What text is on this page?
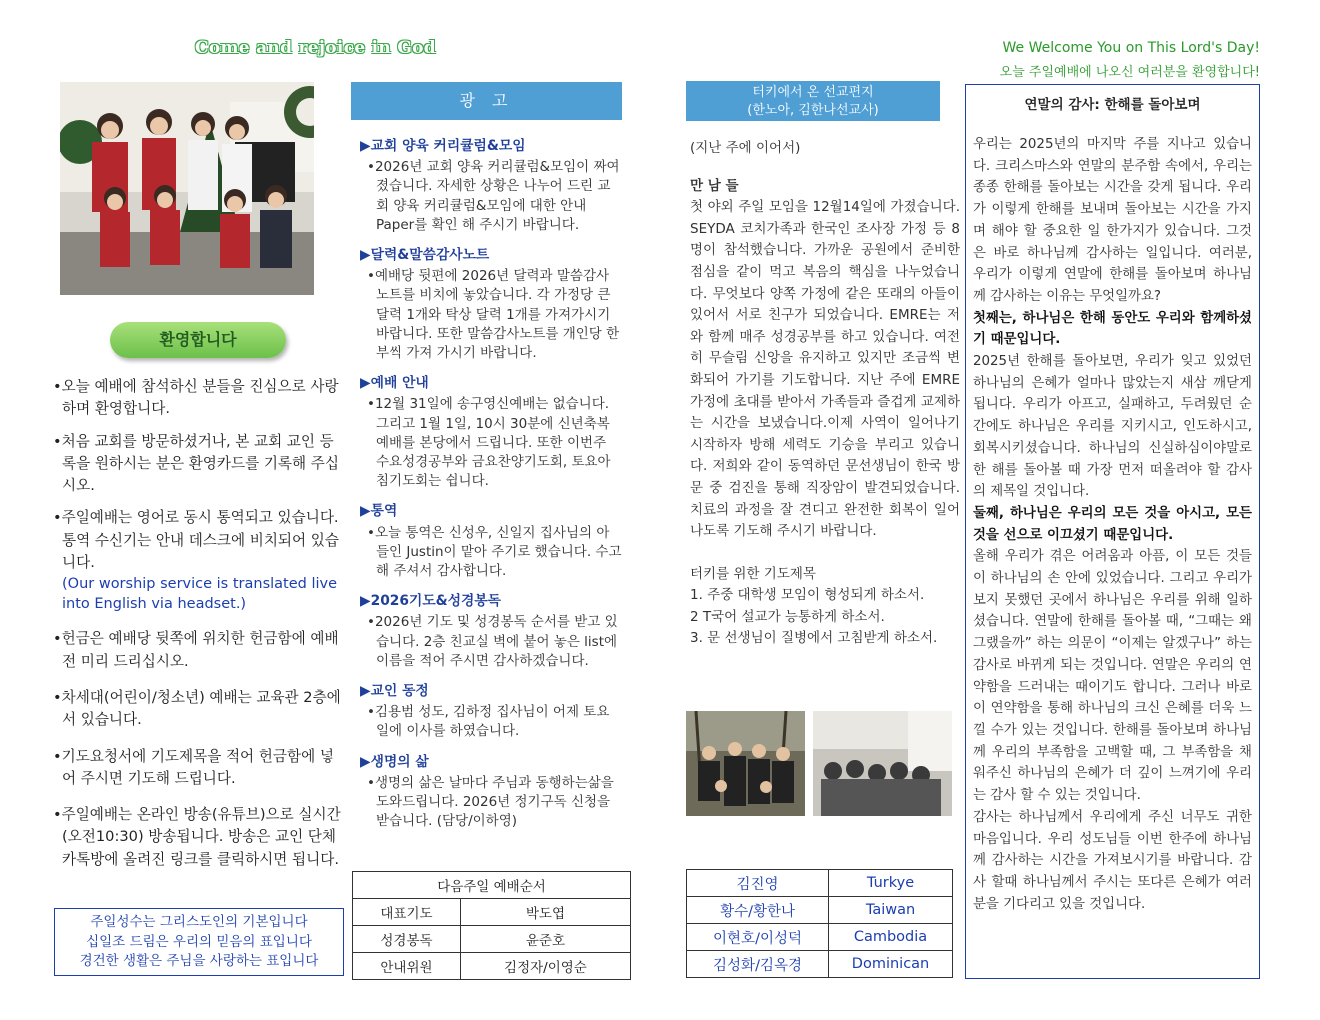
Come and rejoice in God	We Welcome You on This Lord's Day!
오늘 주일예배에 나오신 여러분을 환영합니다!
환영합니다
•오늘 예배에 참석하신 분들을 진심으로 사랑하며 환영합니다.
•처음 교회를 방문하셨거나, 본 교회 교인 등록을 원하시는 분은 환영카드를 기록해 주십시오.
•주일예배는 영어로 동시 통역되고 있습니다. 통역 수신기는 안내 데스크에 비치되어 있습니다.
(Our worship service is translated live into English via headset.)
•헌금은 예배당 뒷쪽에 위치한 헌금함에 예배전 미리 드리십시오.
•차세대(어린이/청소년) 예배는 교육관 2층에서 있습니다.
•기도요청서에 기도제목을 적어 헌금함에 넣어 주시면 기도해 드립니다.
•주일예배는 온라인 방송(유튜브)으로 실시간 (오전10:30) 방송됩니다. 방송은 교인 단체 카톡방에 올려진 링크를 클릭하시면 됩니다.
주일성수는 그리스도인의 기본입니다
십일조 드림은 우리의 믿음의 표입니다
경건한 생활은 주님을 사랑하는 표입니다
광 고
▶교회 양육 커리큘럼&모임
•2026년 교회 양육 커리큘럼&모임이 짜여졌습니다. 자세한 상황은 나누어 드린 교회 양육 커리큘럼&모임에 대한 안내 Paper를 확인 해 주시기 바랍니다.
▶달력&말씀감사노트
•예배당 뒷편에 2026년 달력과 말씀감사노트를 비치에 놓았습니다. 각 가정당 큰달력 1개와 탁상 달력 1개를 가져가시기 바랍니다. 또한 말씀감사노트를 개인당 한부씩 가져 가시기 바랍니다.
▶예배 안내
•12월 31일에 송구영신예배는 없습니다. 그리고 1월 1일, 10시 30분에 신년축복예배를 본당에서 드립니다. 또한 이번주 수요성경공부와 금요찬양기도회, 토요아침기도회는 쉽니다.
▶통역
•오늘 통역은 신성우, 신일지 집사님의 아들인 Justin이 맡아 주기로 했습니다. 수고해 주셔서 감사합니다.
▶2026기도&성경봉독
•2026년 기도 및 성경봉독 순서를 받고 있습니다. 2층 친교실 벽에 붙어 놓은 list에 이름을 적어 주시면 감사하겠습니다.
▶교인 동정
•김용범 성도, 김하정 집사님이 어제 토요일에 이사를 하였습니다.
▶생명의 삶
•생명의 삶은 날마다 주님과 동행하는삶을 도와드립니다. 2026년 정기구독 신청을 받습니다. (담당/이하영)
다음주일 예배순서	
대표기도	박도엽
성경봉독	윤준호
안내위원	김정자/이영순
터키에서 온 선교편지
(한노아, 김한나선교사)

(지난 주에 이어서)

만 남 들

첫 야외 주일 모임을 12월14일에 가졌습니다. SEYDA 코치가족과 한국인 조사장 가정 등 8명이 참석했습니다. 가까운 공원에서 준비한 점심을 같이 먹고 복음의 핵심을 나누었습니다. 무엇보다 양쪽 가정에 같은 또래의 아들이 있어서 서로 친구가 되었습니다. EMRE는 저와 함께 매주 성경공부를 하고 있습니다. 여전히 무슬림 신앙을 유지하고 있지만 조금씩 변화되어 가기를 기도합니다. 지난 주에 EMRE 가정에 초대를 받아서 가족들과 즐겁게 교제하는 시간을 보냈습니다.이제 사역이 일어나기 시작하자 방해 세력도 기승을 부리고 있습니다. 저희와 같이 동역하던 문선생님이 한국 방문 중 검진을 통해 직장암이 발견되었습니다. 치료의 과정을 잘 견디고 완전한 회복이 일어나도록 기도해 주시기 바랍니다.

터키를 위한 기도제목

1. 주중 대학생 모임이 형성되게 하소서.

2 T국어 설교가 능통하게 하소서.

3. 문 선생님이 질병에서 고침받게 하소서.

김진영	Turkye
황수/황한나	Taiwan
이현호/이성덕	Cambodia
김성화/김옥경	Dominican
연말의 감사: 한해를 돌아보며

우리는 2025년의 마지막 주를 지나고 있습니다. 크리스마스와 연말의 분주함 속에서, 우리는 종종 한해를 돌아보는 시간을 갖게 됩니다. 우리가 이렇게 한해를 보내며 돌아보는 시간을 가지며 해야 할 중요한 일 한가지가 있습니다. 그것은 바로 하나님께 감사하는 일입니다. 여러분, 우리가 이렇게 연말에 한해를 돌아보며 하나님께 감사하는 이유는 무엇일까요?

첫째는, 하나님은 한해 동안도 우리와 함께하셨기 때문입니다.

2025년 한해를 돌아보면, 우리가 잊고 있었던 하나님의 은혜가 얼마나 많았는지 새삼 깨닫게 됩니다. 우리가 아프고, 실패하고, 두려웠던 순간에도 하나님은 우리를 지키시고, 인도하시고, 회복시키셨습니다. 하나님의 신실하심이야말로 한 해를 돌아볼 때 가장 먼저 떠올려야 할 감사의 제목일 것입니다.

둘째, 하나님은 우리의 모든 것을 아시고, 모든 것을 선으로 이끄셨기 때문입니다.

올해 우리가 겪은 어려움과 아픔, 이 모든 것들이 하나님의 손 안에 있었습니다. 그리고 우리가 보지 못했던 곳에서 하나님은 우리를 위해 일하셨습니다. 연말에 한해를 돌아볼 때, “그때는 왜 그랬을까” 하는 의문이 “이제는 알겠구나” 하는 감사로 바뀌게 되는 것입니다. 연말은 우리의 연약함을 드러내는 때이기도 합니다. 그러나 바로 이 연약함을 통해 하나님의 크신 은혜를 더욱 느낄 수가 있는 것입니다. 한해를 돌아보며 하나님께 우리의 부족함을 고백할 때, 그 부족함을 채워주신 하나님의 은혜가 더 깊이 느껴기에 우리는 감사 할 수 있는 것입니다.

감사는 하나님께서 우리에게 주신 너무도 귀한 마음입니다. 우리 성도님들 이번 한주에 하나님께 감사하는 시간을 가져보시기를 바랍니다. 감사 할때 하나님께서 주시는 또다른 은혜가 여러분을 기다리고 있을 것입니다.
